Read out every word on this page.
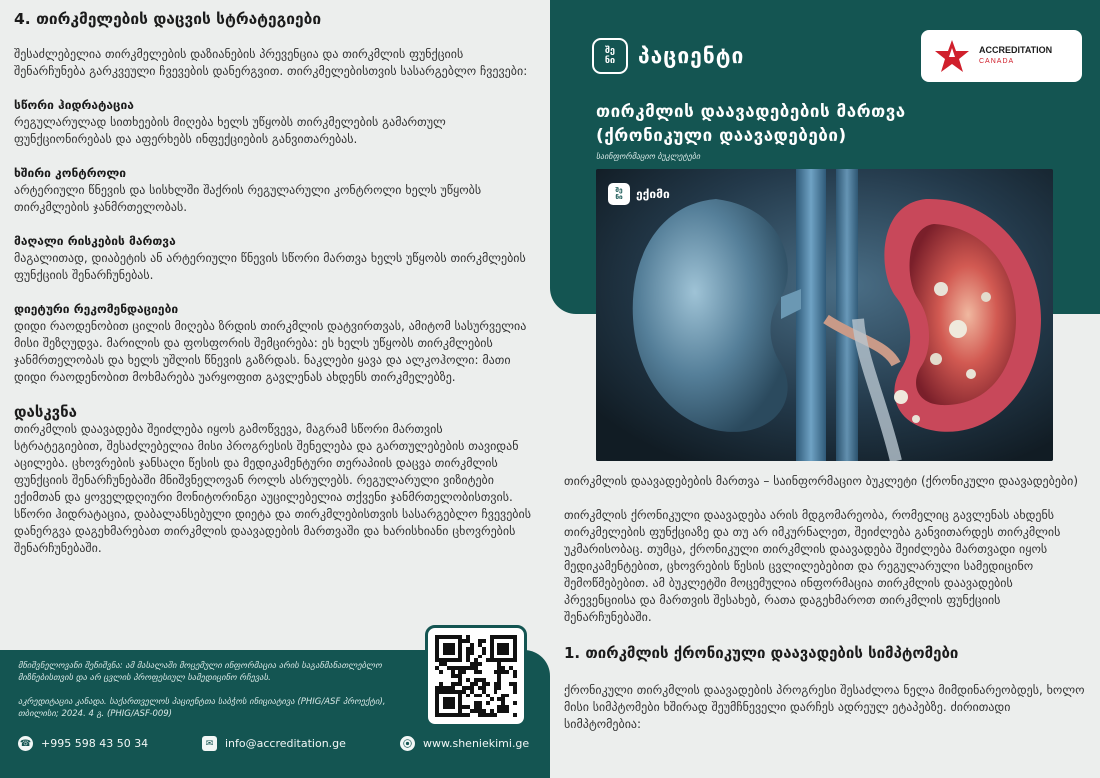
4. თირკმელების დაცვის სტრატეგიები
შესაძლებელია თირკმელების დაზიანების პრევენცია და თირკმლის ფუნქციის შენარჩუნება გარკვეული ჩვევების დანერგვით. თირკმელებისთვის სასარგებლო ჩვევები:
სწორი ჰიდრატაცია
რეგულარულად სითხეების მიღება ხელს უწყობს თირკმელების გამართულ ფუნქციონირებას და აფერხებს ინფექციების განვითარებას.
ხშირი კონტროლი
არტერიული წნევის და სისხლში შაქრის რეგულარული კონტროლი ხელს უწყობს თირკმლების ჯანმრთელობას.
მაღალი რისკების მართვა
მაგალითად, დიაბეტის ან არტერიული წნევის სწორი მართვა ხელს უწყობს თირკმლების ფუნქციის შენარჩუნებას.
დიეტური რეკომენდაციები
დიდი რაოდენობით ცილის მიღება ზრდის თირკმლის დატვირთვას, ამიტომ სასურველია მისი შეზღუდვა. მარილის და ფოსფორის შემცირება: ეს ხელს უწყობს თირკმლების ჯანმრთელობას და ხელს უშლის წნევის გაზრდას. ნაკლები ყავა და ალკოჰოლი: მათი დიდი რაოდენობით მოხმარება უარყოფით გავლენას ახდენს თირკმელებზე.
დასკვნა
თირკმლის დაავადება შეიძლება იყოს გამოწვევა, მაგრამ სწორი მართვის სტრატეგიებით, შესაძლებელია მისი პროგრესის შენელება და გართულებების თავიდან აცილება. ცხოვრების ჯანსაღი წესის და მედიკამენტური თერაპიის დაცვა თირკმლის ფუნქციის შენარჩუნებაში მნიშვნელოვან როლს ასრულებს. რეგულარული ვიზიტები ექიმთან და ყოველდღიური მონიტორინგი აუცილებელია თქვენი ჯანმრთელობისთვის. სწორი ჰიდრატაცია, დაბალანსებული დიეტა და თირკმლებისთვის სასარგებლო ჩვევების დანერგვა დაგეხმარებათ თირკმლის დაავადების მართვაში და ხარისხიანი ცხოვრების შენარჩუნებაში.
მნიშვნელოვანი შენიშვნა: ამ მასალაში მოცემული ინფორმაცია არის საგანმანათლებლო მიზნებისთვის და არ ცვლის პროფესიულ სამედიცინო რჩევას.
აკრედიტაცია კანადა. საქართველოს პაციენტთა საბჭოს ინიციატივა (PHIG/ASF პროექტი), თბილისი; 2024. 4 გ. (PHIG/ASF-009)
☎ +995 598 43 50 34	✉	info@accreditation.ge	⦿ www.sheniekimi.ge
შე
ნი პაციენტი	ACCREDITATION
CANADA
თირკმლის დაავადებების მართვა
(ქრონიკული დაავადებები)
საინფორმაციო ბუკლეტები
შე
ნი ექიმი
თირკმლის დაავადებების მართვა – საინფორმაციო ბუკლეტი (ქრონიკული დაავადებები)
თირკმლის ქრონიკული დაავადება არის მდგომარეობა, რომელიც გავლენას ახდენს თირკმელების ფუნქციაზე და თუ არ იმკურნალეთ, შეიძლება განვითარდეს თირკმლის უკმარისობაც. თუმცა, ქრონიკული თირკმლის დაავადება შეიძლება მართვადი იყოს მედიკამენტებით, ცხოვრების წესის ცვლილებებით და რეგულარული სამედიცინო შემოწმებებით. ამ ბუკლეტში მოცემულია ინფორმაცია თირკმლის დაავადების პრევენციისა და მართვის შესახებ, რათა დაგეხმაროთ თირკმლის ფუნქციის შენარჩუნებაში.
1. თირკმლის ქრონიკული დაავადების სიმპტომები
ქრონიკული თირკმლის დაავადების პროგრესი შესაძლოა ნელა მიმდინარეობდეს, ხოლო მისი სიმპტომები ხშირად შეუმჩნეველი დარჩეს ადრეულ ეტაპებზე. ძირითადი სიმპტომებია:
